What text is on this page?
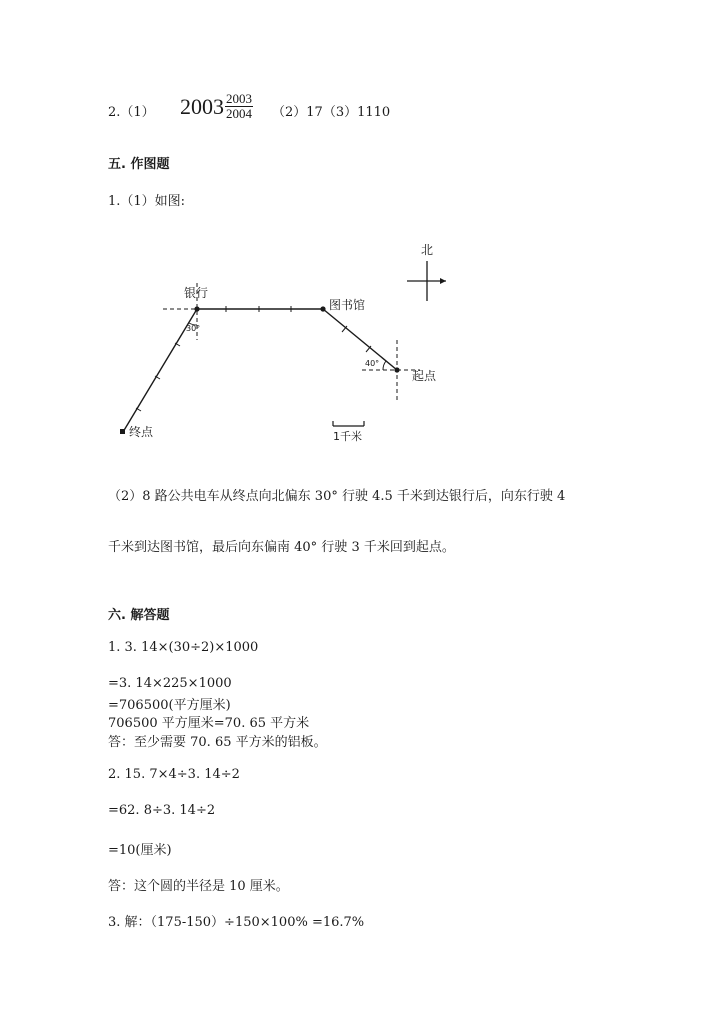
2.（1） $2003 \frac{2003}{2004} (2)17(3)1110$
五. 作图题
1.（1）如图:
北
银行
图书馆
起点
终点
30°
40°
1千米
（2）8 路公共电车从终点向北偏东 30° 行驶 4.5 千米到达银行后，向东行驶 4
千米到达图书馆，最后向东偏南 40° 行驶 3 千米回到起点。
六. 解答题
1. 3. 14×(30÷2)×1000
=3. 14×225×1000
=706500(平方厘米)
706500 平方厘米=70. 65 平方米
答：至少需要 70. 65 平方米的铝板。
2. 15. 7×4÷3. 14÷2
=62. 8÷3. 14÷2
=10(厘米)
答：这个圆的半径是 10 厘米。
3. 解：（175-150）÷150×100% =16.7%
